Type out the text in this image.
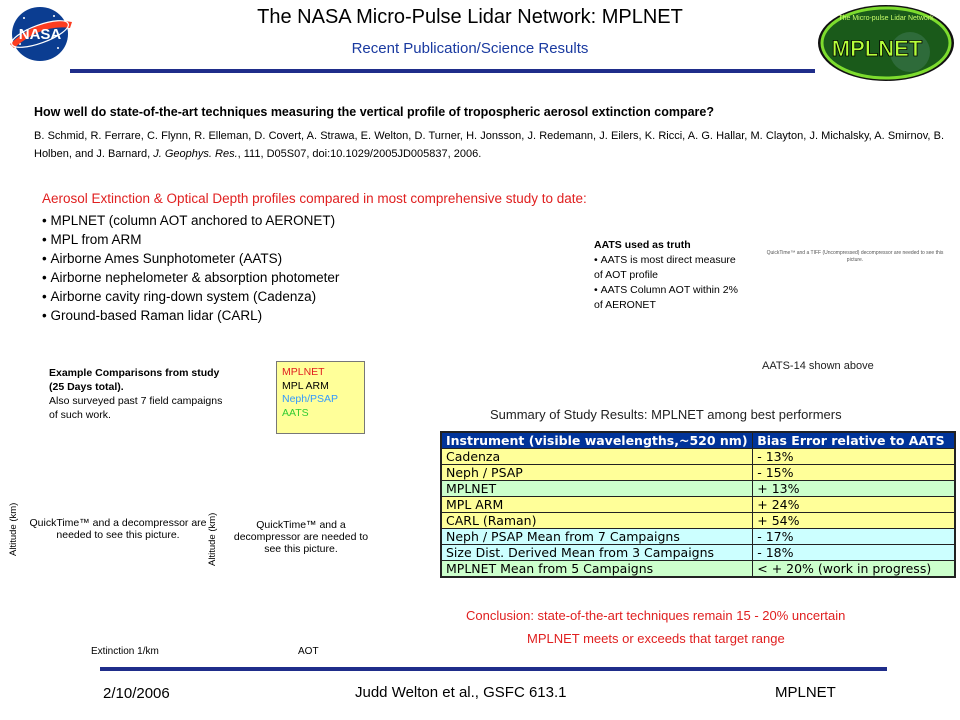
NASA
The NASA Micro-Pulse Lidar Network: MPLNET
Recent Publication/Science Results
The Micro-pulse Lidar Network
MPLNET
How well do state-of-the-art techniques measuring the vertical profile of tropospheric aerosol extinction compare?
B. Schmid, R. Ferrare, C. Flynn, R. Elleman, D. Covert, A. Strawa, E. Welton, D. Turner, H. Jonsson, J. Redemann, J. Eilers, K. Ricci, A. G. Hallar, M. Clayton, J. Michalsky, A. Smirnov, B. Holben, and J. Barnard, J. Geophys. Res., 111, D05S07, doi:10.1029/2005JD005837, 2006.
Aerosol Extinction & Optical Depth profiles compared in most comprehensive study to date:
• MPLNET (column AOT anchored to AERONET)
• MPL from ARM
• Airborne Ames Sunphotometer (AATS)
• Airborne nephelometer & absorption photometer
• Airborne cavity ring-down system (Cadenza)
• Ground-based Raman lidar (CARL)
AATS used as truth
• AATS is most direct measure of AOT profile
• AATS Column AOT within 2% of AERONET
QuickTime™ and a TIFF (Uncompressed) decompressor are needed to see this picture.
AATS-14 shown above
Example Comparisons from study (25 Days total).
Also surveyed past 7 field campaigns of such work.
MPLNET
MPL ARM
Neph/PSAP
AATS	Summary of Study Results: MPLNET among best performers
Instrument (visible wavelengths,~520 nm)	Bias Error relative to AATS
Cadenza	- 13%
Neph / PSAP	- 15%
MPLNET	+ 13%
MPL ARM	+ 24%
CARL (Raman)	+ 54%
Neph / PSAP Mean from 7 Campaigns	- 17%
Size Dist. Derived Mean from 3 Campaigns	- 18%
MPLNET Mean from 5 Campaigns	< + 20% (work in progress)
Conclusion: state-of-the-art techniques remain 15 - 20% uncertain
MPLNET meets or exceeds that target range
QuickTime™ and a decompressor are needed to see this picture.
QuickTime™ and a decompressor are needed to see this picture.
Altitude (km)	Altitude (km)
Extinction 1/km	AOT
2/10/2006	Judd Welton et al., GSFC 613.1	MPLNET
